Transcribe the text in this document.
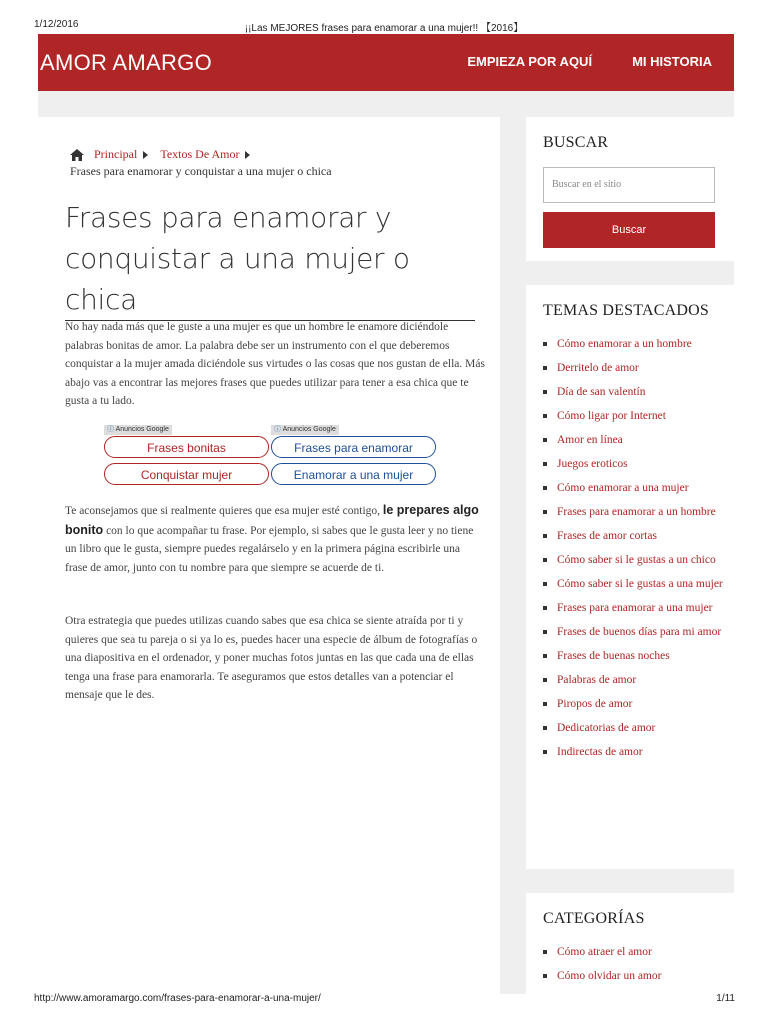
1/12/2016	¡¡Las MEJORES frases para enamorar a una mujer!! 【2016】
AMOR AMARGO	EMPIEZA POR AQUÍ	MI HISTORIA
Principal Textos De Amor
Frases para enamorar y conquistar a una mujer o chica
Frases para enamorar y conquistar a una mujer o chica

No hay nada más que le guste a una mujer es que un hombre le enamore diciéndole palabras bonitas de amor. La palabra debe ser un instrumento con el que deberemos conquistar a la mujer amada diciéndole sus virtudes o las cosas que nos gustan de ella. Más abajo vas a encontrar las mejores frases que puedes utilizar para tener a esa chica que te gusta a tu lado.

ⓘ Anuncios Google
Frases bonitas
Conquistar mujer
ⓘ Anuncios Google
Frases para enamorar
Enamorar a una mujer

Te aconsejamos que si realmente quieres que esa mujer esté contigo, le prepares algo bonito con lo que acompañar tu frase. Por ejemplo, si sabes que le gusta leer y no tiene un libro que le gusta, siempre puedes regalárselo y en la primera página escribirle una frase de amor, junto con tu nombre para que siempre se acuerde de ti.

Otra estrategia que puedes utilizas cuando sabes que esa chica se siente atraída por ti y quieres que sea tu pareja o si ya lo es, puedes hacer una especie de álbum de fotografías o una diapositiva en el ordenador, y poner muchas fotos juntas en las que cada una de ellas tenga una frase para enamorarla. Te aseguramos que estos detalles van a potenciar el mensaje que le des.

BUSCAR
Buscar en el sitio
Buscar
TEMAS DESTACADOS
Cómo enamorar a un hombre
Derritelo de amor
Día de san valentín
Cómo ligar por Internet
Amor en línea
Juegos eroticos
Cómo enamorar a una mujer
Frases para enamorar a un hombre
Frases de amor cortas
Cómo saber si le gustas a un chico
Cómo saber si le gustas a una mujer
Frases para enamorar a una mujer
Frases de buenos días para mi amor
Frases de buenas noches
Palabras de amor
Piropos de amor
Dedicatorias de amor
Indirectas de amor
CATEGORÍAS
Cómo atraer el amor
Cómo olvidar un amor
http://www.amoramargo.com/frases-para-enamorar-a-una-mujer/	1/11
